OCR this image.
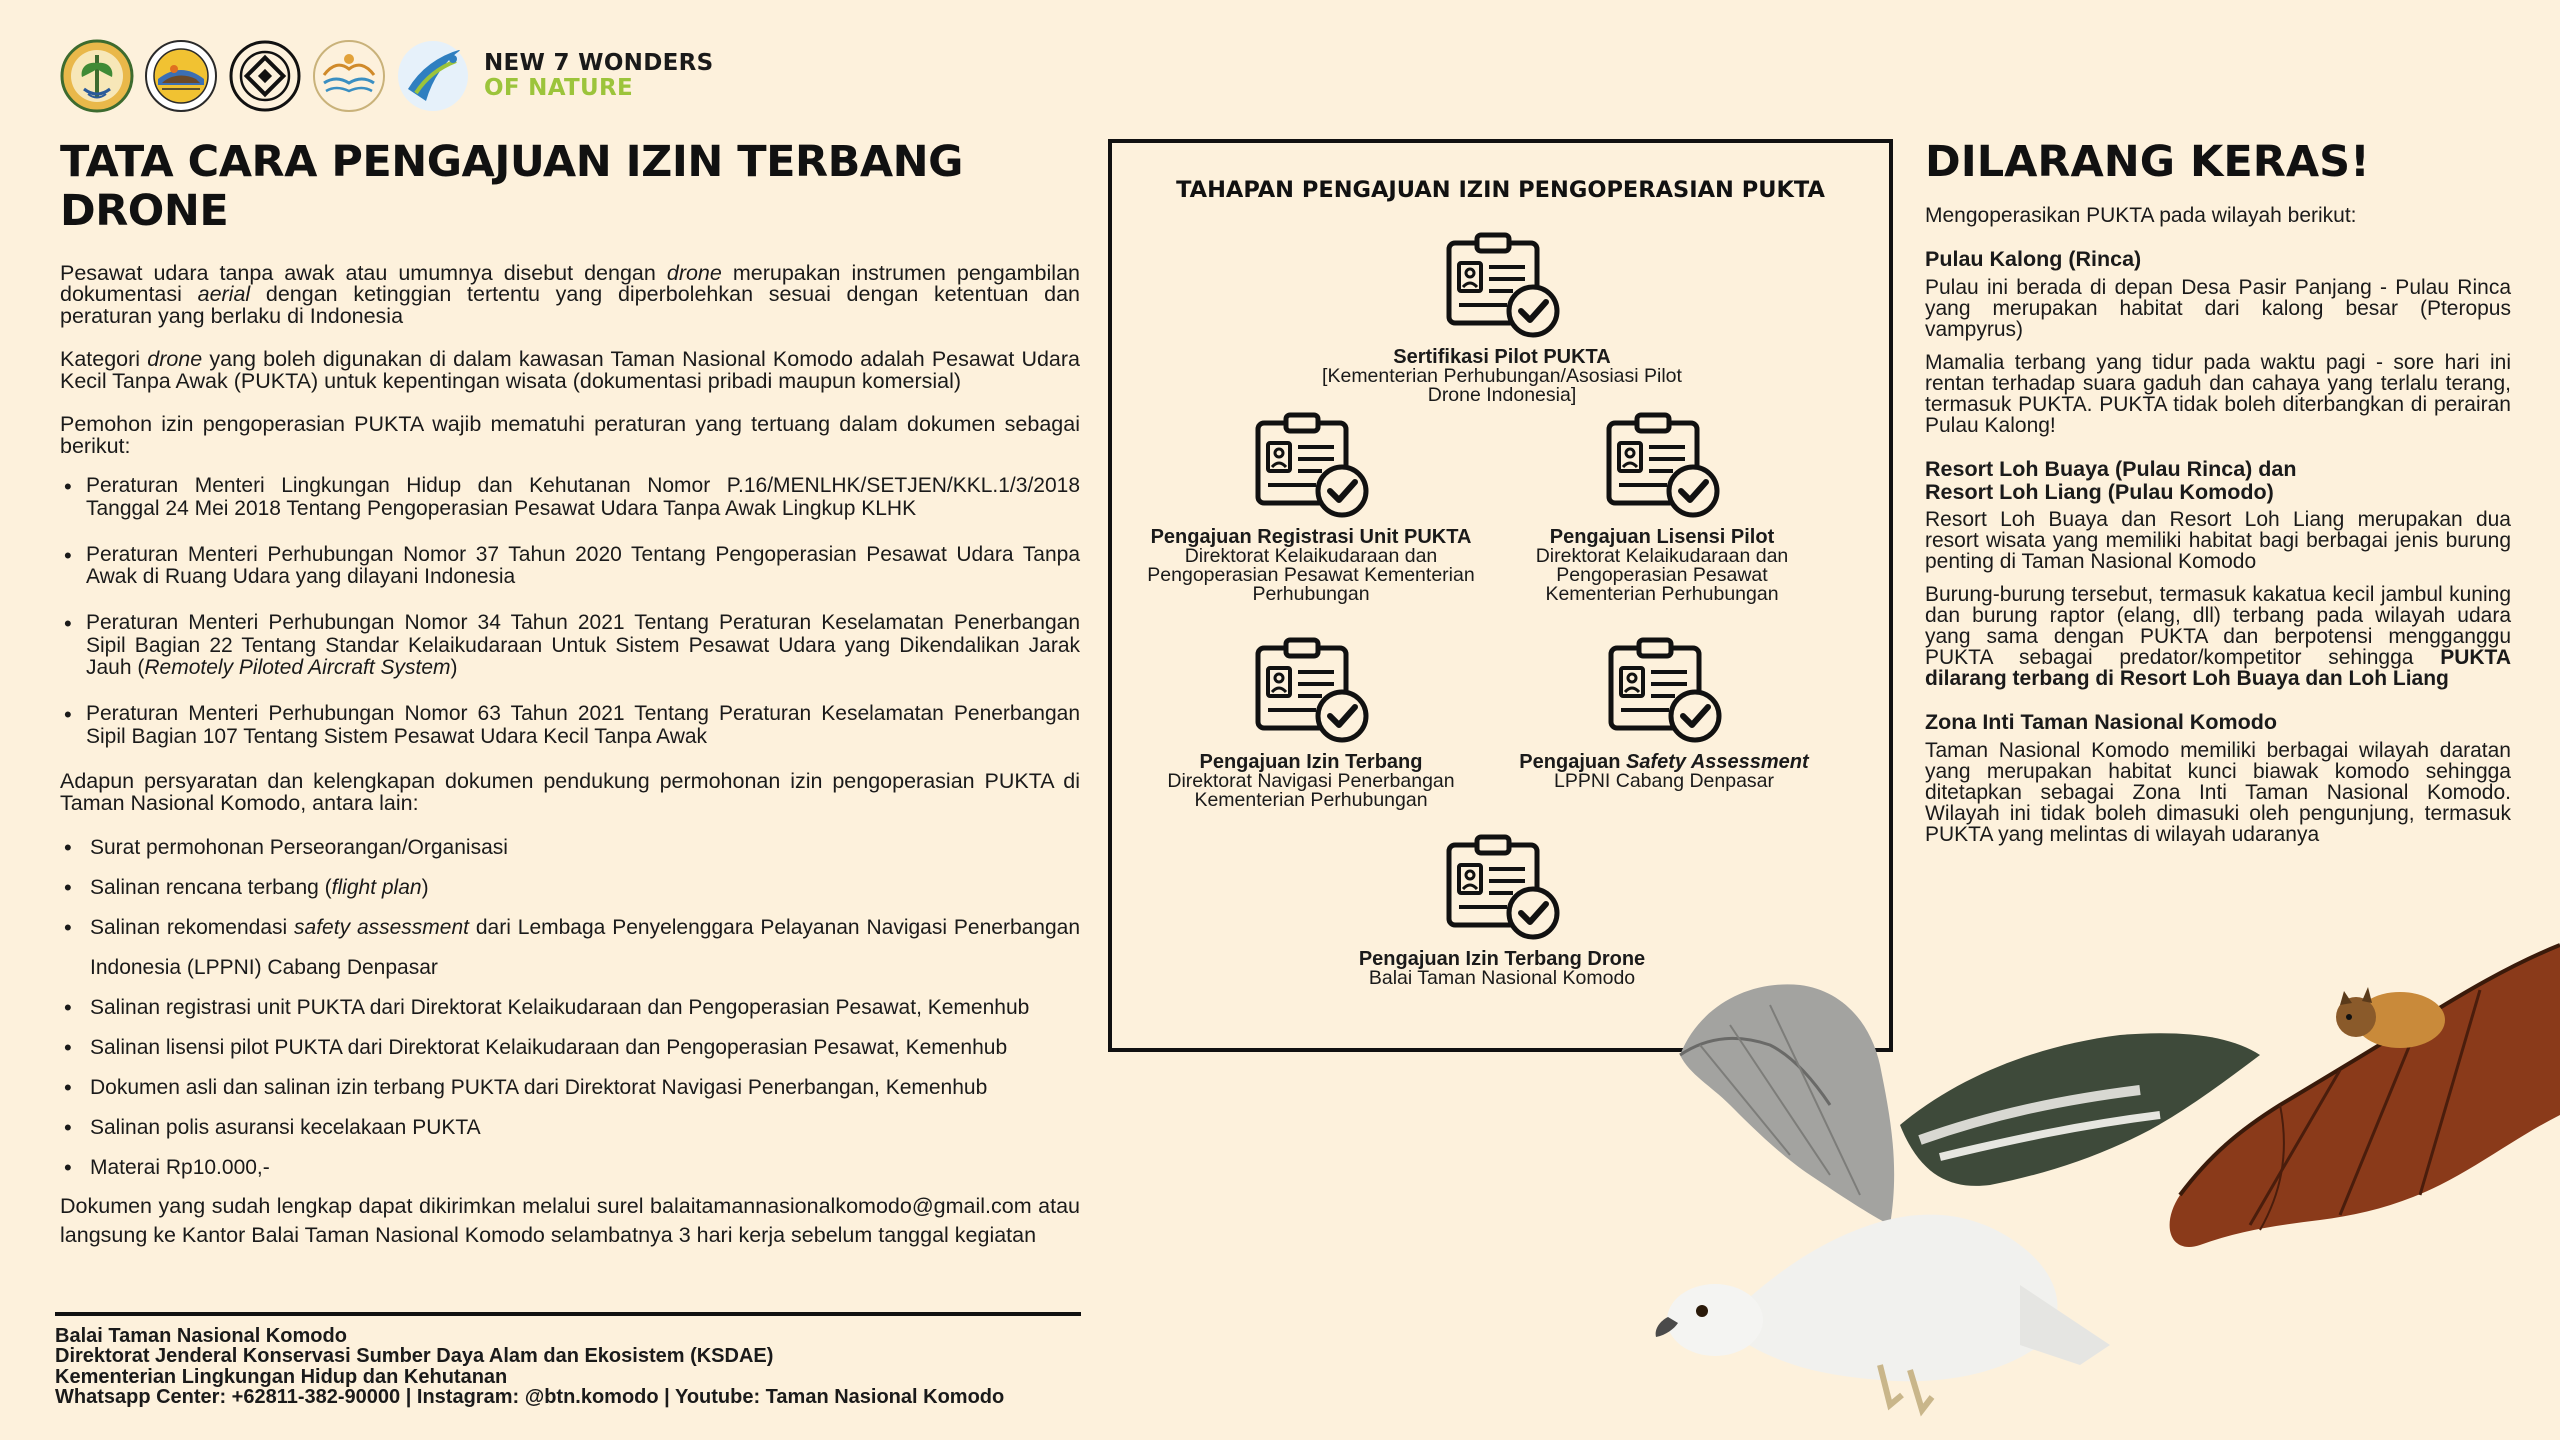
NEW 7 WONDERS
OF NATURE
TATA CARA PENGAJUAN IZIN TERBANG DRONE

Pesawat udara tanpa awak atau umumnya disebut dengan drone merupakan instrumen pengambilan dokumentasi aerial dengan ketinggian tertentu yang diperbolehkan sesuai dengan ketentuan dan peraturan yang berlaku di Indonesia

Kategori drone yang boleh digunakan di dalam kawasan Taman Nasional Komodo adalah Pesawat Udara Kecil Tanpa Awak (PUKTA) untuk kepentingan wisata (dokumentasi pribadi maupun komersial)

Pemohon izin pengoperasian PUKTA wajib mematuhi peraturan yang tertuang dalam dokumen sebagai berikut:

• Peraturan Menteri Lingkungan Hidup dan Kehutanan Nomor P.16/MENLHK/SETJEN/KKL.1/3/2018 Tanggal 24 Mei 2018 Tentang Pengoperasian Pesawat Udara Tanpa Awak Lingkup KLHK
• Peraturan Menteri Perhubungan Nomor 37 Tahun 2020 Tentang Pengoperasian Pesawat Udara Tanpa Awak di Ruang Udara yang dilayani Indonesia
• Peraturan Menteri Perhubungan Nomor 34 Tahun 2021 Tentang Peraturan Keselamatan Penerbangan Sipil Bagian 22 Tentang Standar Kelaikudaraan Untuk Sistem Pesawat Udara yang Dikendalikan Jarak Jauh (Remotely Piloted Aircraft System)
• Peraturan Menteri Perhubungan Nomor 63 Tahun 2021 Tentang Peraturan Keselamatan Penerbangan Sipil Bagian 107 Tentang Sistem Pesawat Udara Kecil Tanpa Awak

Adapun persyaratan dan kelengkapan dokumen pendukung permohonan izin pengoperasian PUKTA di Taman Nasional Komodo, antara lain:

• Surat permohonan Perseorangan/Organisasi
• Salinan rencana terbang (flight plan)
• Salinan rekomendasi safety assessment dari Lembaga Penyelenggara Pelayanan Navigasi Penerbangan Indonesia (LPPNI) Cabang Denpasar
• Salinan registrasi unit PUKTA dari Direktorat Kelaikudaraan dan Pengoperasian Pesawat, Kemenhub
• Salinan lisensi pilot PUKTA dari Direktorat Kelaikudaraan dan Pengoperasian Pesawat, Kemenhub
• Dokumen asli dan salinan izin terbang PUKTA dari Direktorat Navigasi Penerbangan, Kemenhub
• Salinan polis asuransi kecelakaan PUKTA
• Materai Rp10.000,-

Dokumen yang sudah lengkap dapat dikirimkan melalui surel balaitamannasionalkomodo@gmail.com atau langsung ke Kantor Balai Taman Nasional Komodo selambatnya 3 hari kerja sebelum tanggal kegiatan

Balai Taman Nasional Komodo
Direktorat Jenderal Konservasi Sumber Daya Alam dan Ekosistem (KSDAE)
Kementerian Lingkungan Hidup dan Kehutanan
Whatsapp Center: +62811-382-90000 | Instagram: @btn.komodo | Youtube: Taman Nasional Komodo
TAHAPAN PENGAJUAN IZIN PENGOPERASIAN PUKTA
Sertifikasi Pilot PUKTA
[Kementerian Perhubungan/Asosiasi Pilot Drone Indonesia]
Pengajuan Registrasi Unit PUKTA
Direktorat Kelaikudaraan dan Pengoperasian Pesawat Kementerian Perhubungan
Pengajuan Lisensi Pilot
Direktorat Kelaikudaraan dan Pengoperasian Pesawat Kementerian Perhubungan
Pengajuan Izin Terbang
Direktorat Navigasi Penerbangan Kementerian Perhubungan
Pengajuan Safety Assessment
LPPNI Cabang Denpasar
Pengajuan Izin Terbang Drone
Balai Taman Nasional Komodo
DILARANG KERAS!

Mengoperasikan PUKTA pada wilayah berikut:

Pulau Kalong (Rinca)

Pulau ini berada di depan Desa Pasir Panjang - Pulau Rinca yang merupakan habitat dari kalong besar (Pteropus vampyrus)

Mamalia terbang yang tidur pada waktu pagi - sore hari ini rentan terhadap suara gaduh dan cahaya yang terlalu terang, termasuk PUKTA. PUKTA tidak boleh diterbangkan di perairan Pulau Kalong!

Resort Loh Buaya (Pulau Rinca) dan
Resort Loh Liang (Pulau Komodo)

Resort Loh Buaya dan Resort Loh Liang merupakan dua resort wisata yang memiliki habitat bagi berbagai jenis burung penting di Taman Nasional Komodo

Burung-burung tersebut, termasuk kakatua kecil jambul kuning dan burung raptor (elang, dll) terbang pada wilayah udara yang sama dengan PUKTA dan berpotensi mengganggu PUKTA sebagai predator/kompetitor sehingga PUKTA dilarang terbang di Resort Loh Buaya dan Loh Liang

Zona Inti Taman Nasional Komodo

Taman Nasional Komodo memiliki berbagai wilayah daratan yang merupakan habitat kunci biawak komodo sehingga ditetapkan sebagai Zona Inti Taman Nasional Komodo. Wilayah ini tidak boleh dimasuki oleh pengunjung, termasuk PUKTA yang melintas di wilayah udaranya
